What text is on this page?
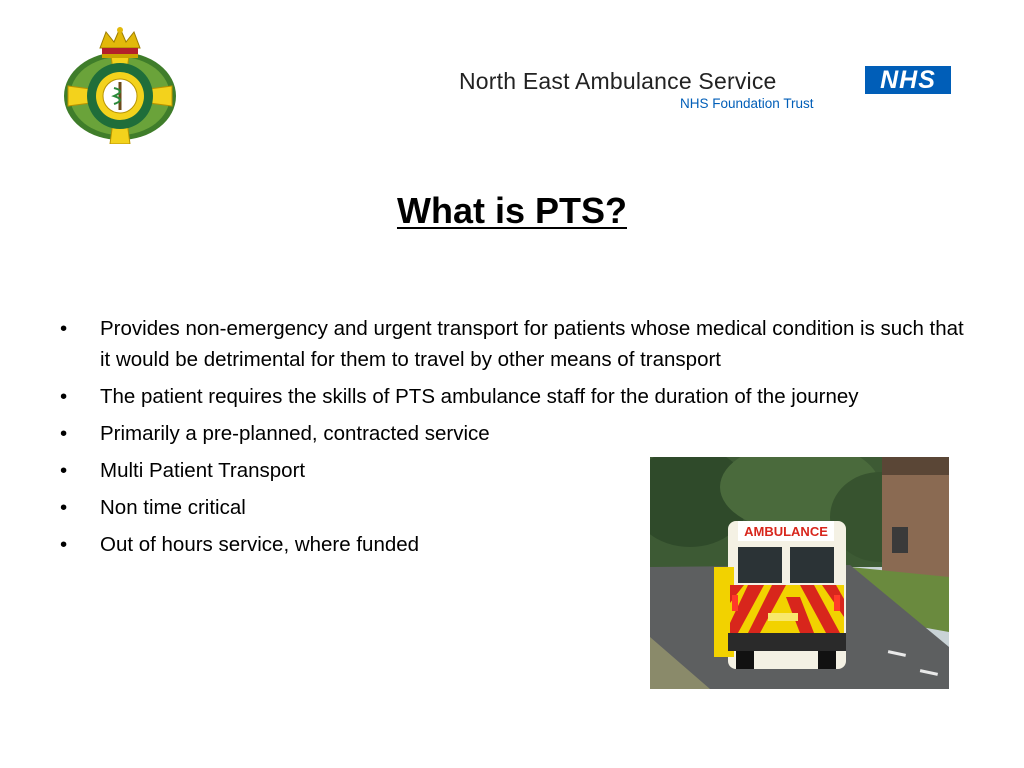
North East Ambulance Service	NHS
NHS Foundation Trust
What is PTS?
• Provides non-emergency and urgent transport for patients whose medical condition is such that it would be detrimental for them to travel by other means of transport
• The patient requires the skills of PTS ambulance staff for the duration of the journey
• Primarily a pre-planned, contracted service
• Multi Patient Transport
• Non time critical
• Out of hours service, where funded
AMBULANCE
